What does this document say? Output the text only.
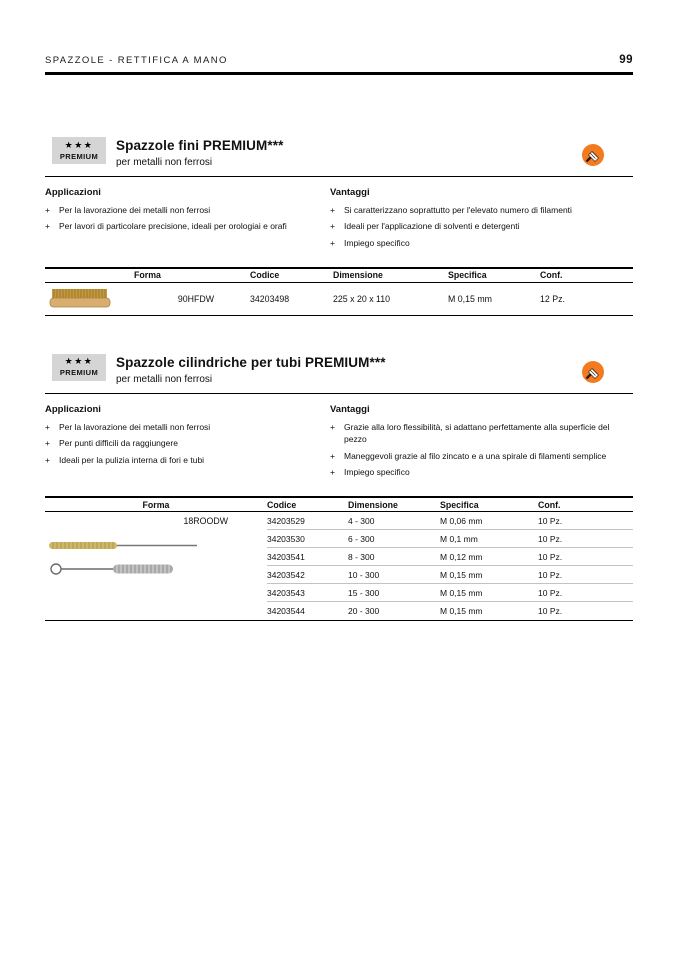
SPAZZOLE - RETTIFICA A MANO	99
★★★
PREMIUM
Spazzole fini PREMIUM***
per metalli non ferrosi
Applicazioni
+	Per la lavorazione dei metalli non ferrosi
+	Per lavori di particolare precisione, ideali per orologiai e orafi
Vantaggi
+	Si caratterizzano soprattutto per l'elevato numero di filamenti
+	Ideali per l'applicazione di solventi e detergenti
+	Impiego specifico
Forma	Codice	Dimensione	Specifica	Conf.
90HFDW	34203498	225 x 20 x 110	M 0,15 mm	12 Pz.
★★★
PREMIUM
Spazzole cilindriche per tubi PREMIUM***
per metalli non ferrosi
Applicazioni
+	Per la lavorazione dei metalli non ferrosi
+	Per punti difficili da raggiungere
+	Ideali per la pulizia interna di fori e tubi
Vantaggi
+	Grazie alla loro flessibilità, si adattano perfettamente alla superficie del pezzo
+	Maneggevoli grazie al filo zincato e a una spirale di filamenti semplice
+	Impiego specifico
Forma	Codice	Dimensione	Specifica	Conf.
18ROODW	34203529	4 - 300	M 0,06 mm	10 Pz.
34203530	6 - 300	M 0,1 mm	10 Pz.
34203541	8 - 300	M 0,12 mm	10 Pz.
34203542	10 - 300	M 0,15 mm	10 Pz.
34203543	15 - 300	M 0,15 mm	10 Pz.
34203544	20 - 300	M 0,15 mm	10 Pz.
